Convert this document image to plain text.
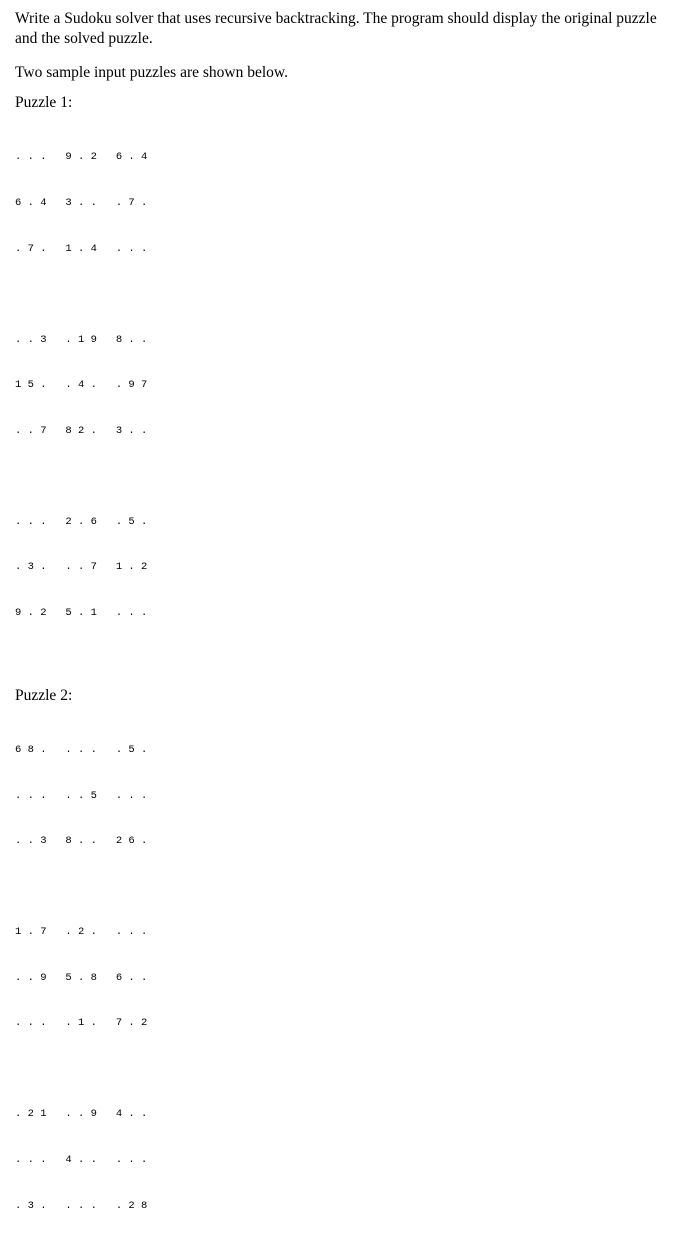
Write a Sudoku solver that uses recursive backtracking. The program should display the original puzzle and the solved puzzle.

Two sample input puzzles are shown below.

Puzzle 1:

. . .   9 . 2   6 . 4

6 . 4   3 . .   . 7 .

. 7 .   1 . 4   . . .

. . 3   . 1 9   8 . .

1 5 .   . 4 .   . 9 7

. . 7   8 2 .   3 . .

. . .   2 . 6   . 5 .

. 3 .   . . 7   1 . 2

9 . 2   5 . 1   . . .

Puzzle 2:

6 8 .   . . .   . 5 .

. . .   . . 5   . . .

. . 3   8 . .   2 6 .

1 . 7   . 2 .   . . .

. . 9   5 . 8   6 . .

. . .   . 1 .   7 . 2

. 2 1   . . 9   4 . .

. . .   4 . .   . . .

. 3 .   . . .   . 2 8
